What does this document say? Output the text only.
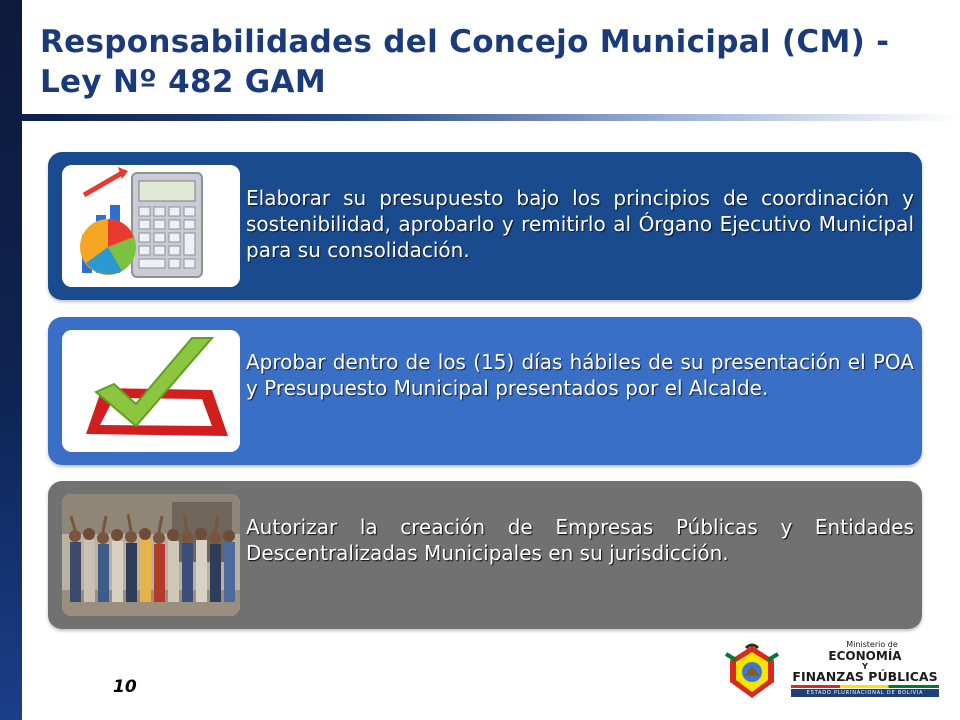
Responsabilidades del Concejo Municipal (CM) - Ley Nº 482 GAM

Elaborar su presupuesto bajo los principios de coordinación y sostenibilidad, aprobarlo y remitirlo al Órgano Ejecutivo Municipal para su consolidación.

Aprobar dentro de los (15) días hábiles de su presentación el POA y Presupuesto Municipal presentados por el Alcalde.

Autorizar la creación de Empresas Públicas y Entidades Descentralizadas Municipales en su jurisdicción.

10
Ministerio de
ECONOMÍA
Y
FINANZAS PÚBLICAS
ESTADO PLURINACIONAL DE BOLIVIA
